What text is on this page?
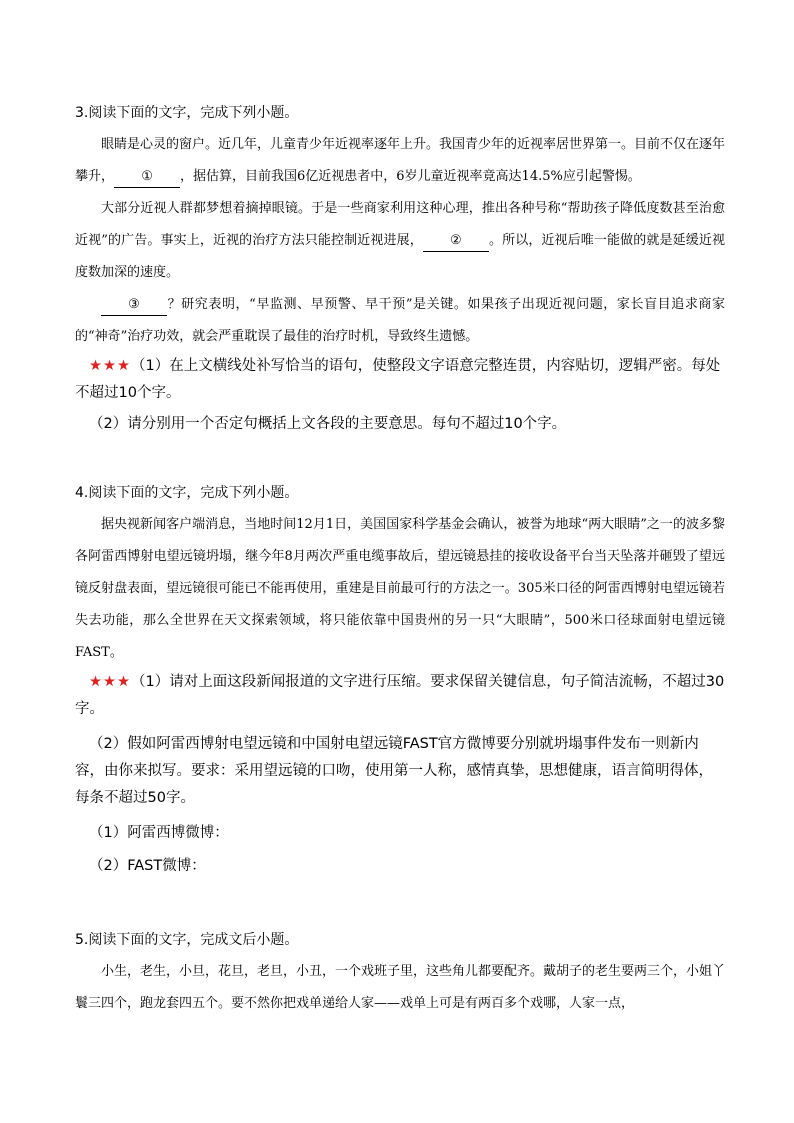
3.阅读下面的文字，完成下列小题。

眼睛是心灵的窗户。近几年，儿童青少年近视率逐年上升。我国青少年的近视率居世界第一。目前不仅在逐年攀升， ① ，据估算，目前我国6亿近视患者中，6岁儿童近视率竟高达14.5%应引起警惕。

大部分近视人群都梦想着摘掉眼镜。于是一些商家利用这种心理，推出各种号称“帮助孩子降低度数甚至治愈近视”的广告。事实上，近视的治疗方法只能控制近视进展， ② 。所以，近视后唯一能做的就是延缓近视度数加深的速度。

③ ？研究表明，“早监测、早预警、早干预”是关键。如果孩子出现近视问题，家长盲目追求商家的“神奇”治疗功效，就会严重耽误了最佳的治疗时机，导致终生遗憾。

★★★（1）在上文横线处补写恰当的语句，使整段文字语意完整连贯，内容贴切，逻辑严密。每处不超过10个字。

（2）请分别用一个否定句概括上文各段的主要意思。每句不超过10个字。

4.阅读下面的文字，完成下列小题。

据央视新闻客户端消息，当地时间12月1日，美国国家科学基金会确认，被誉为地球“两大眼睛”之一的波多黎各阿雷西博射电望远镜坍塌，继今年8月两次严重电缆事故后，望远镜悬挂的接收设备平台当天坠落并砸毁了望远镜反射盘表面，望远镜很可能已不能再使用，重建是目前最可行的方法之一。305米口径的阿雷西博射电望远镜若失去功能，那么全世界在天文探索领域，将只能依靠中国贵州的另一只“大眼睛”，500米口径球面射电望远镜FAST。

★★★（1）请对上面这段新闻报道的文字进行压缩。要求保留关键信息，句子简洁流畅，不超过30字。

（2）假如阿雷西博射电望远镜和中国射电望远镜FAST官方微博要分别就坍塌事件发布一则新内容，由你来拟写。要求：采用望远镜的口吻，使用第一人称，感情真挚，思想健康，语言简明得体，每条不超过50字。

（1）阿雷西博微博：

（2）FAST微博：

5.阅读下面的文字，完成文后小题。

小生，老生，小旦，花旦，老旦，小丑，一个戏班子里，这些角儿都要配齐。戴胡子的老生要两三个，小姐丫鬟三四个，跑龙套四五个。要不然你把戏单递给人家——戏单上可是有两百多个戏哪，人家一点，
